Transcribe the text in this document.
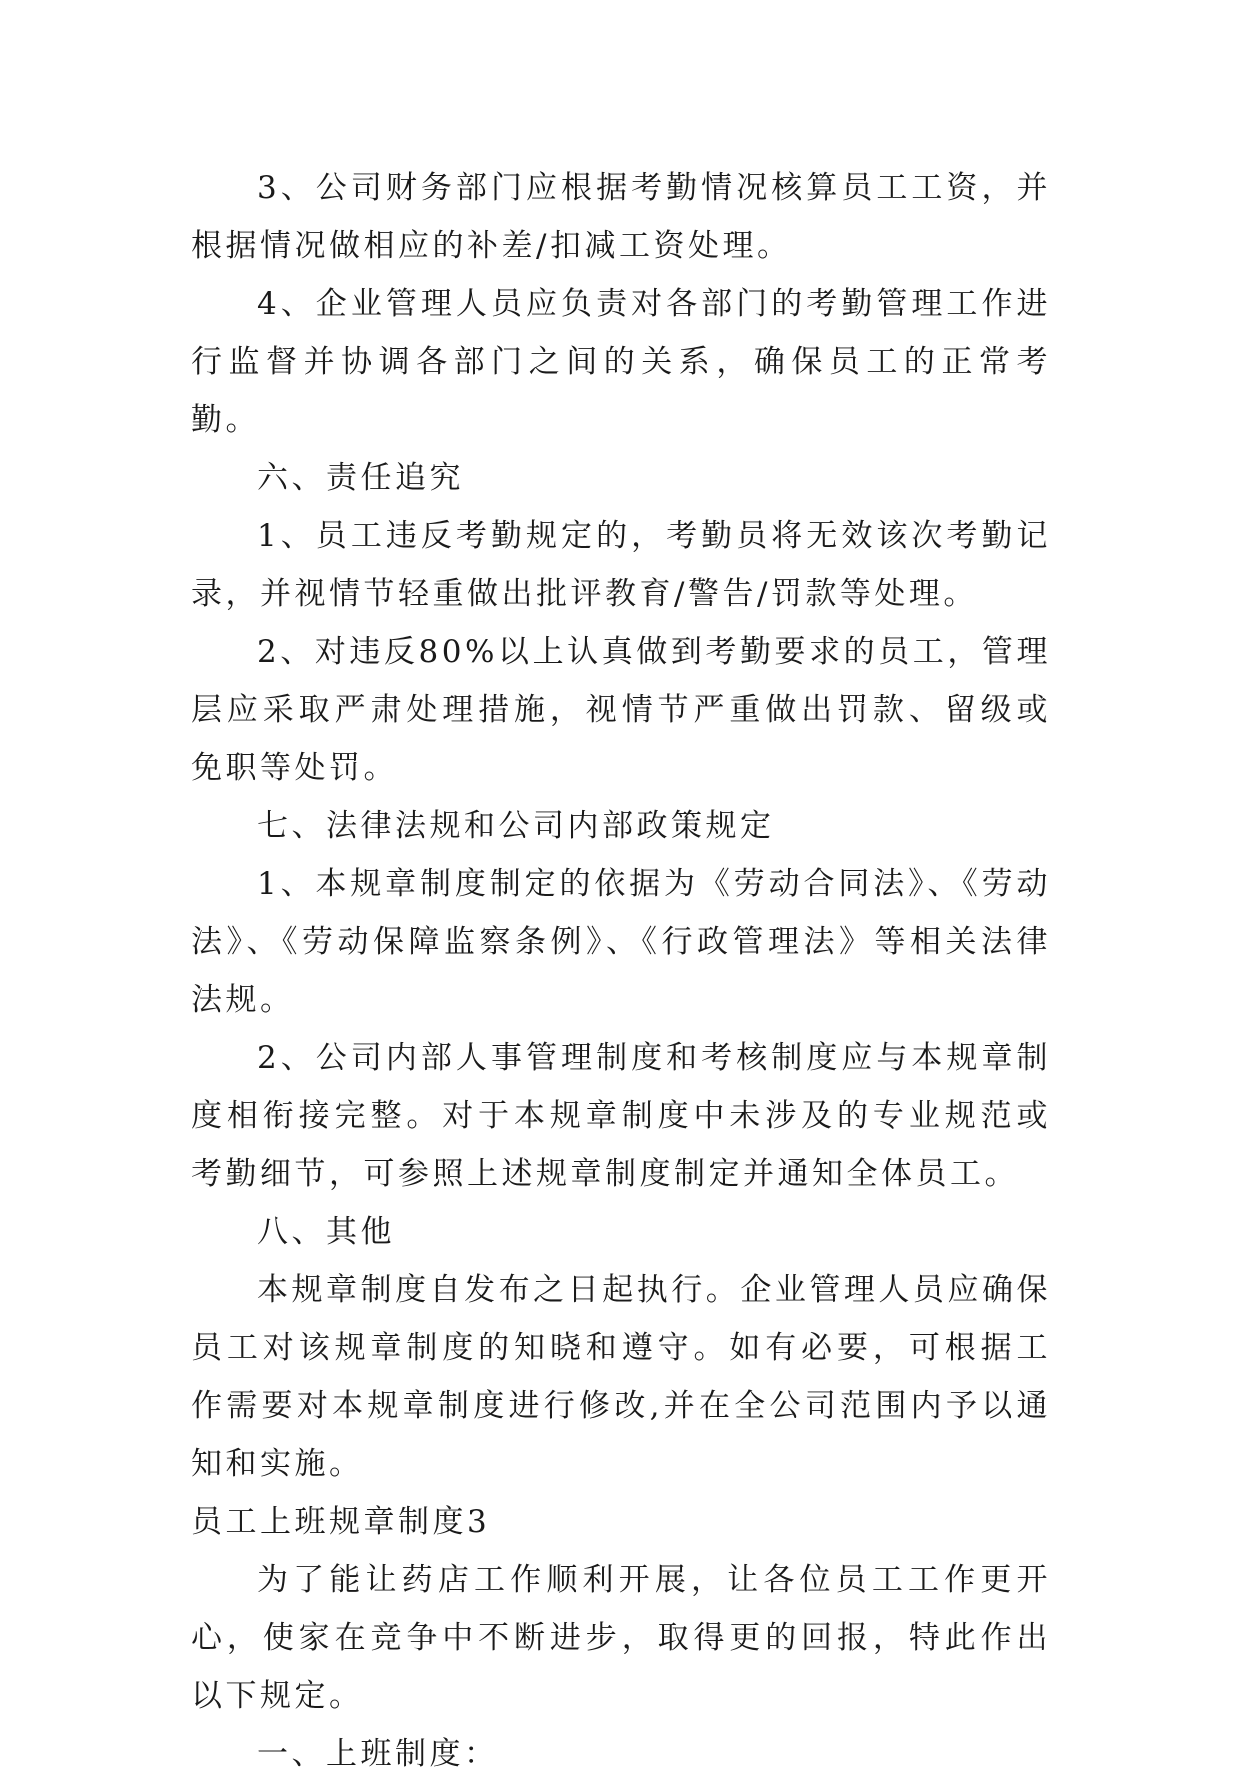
3、公司财务部门应根据考勤情况核算员工工资，并根据情况做相应的补差/扣减工资处理。

4、企业管理人员应负责对各部门的考勤管理工作进行监督并协调各部门之间的关系，确保员工的正常考勤。

六、责任追究

1、员工违反考勤规定的，考勤员将无效该次考勤记录，并视情节轻重做出批评教育/警告/罚款等处理。

2、对违反80%以上认真做到考勤要求的员工，管理层应采取严肃处理措施，视情节严重做出罚款、留级或免职等处罚。

七、法律法规和公司内部政策规定

1、本规章制度制定的依据为《劳动合同法》、《劳动法》、《劳动保障监察条例》、《行政管理法》等相关法律法规。

2、公司内部人事管理制度和考核制度应与本规章制度相衔接完整。对于本规章制度中未涉及的专业规范或考勤细节，可参照上述规章制度制定并通知全体员工。

八、其他

本规章制度自发布之日起执行。企业管理人员应确保员工对该规章制度的知晓和遵守。如有必要，可根据工作需要对本规章制度进行修改,并在全公司范围内予以通知和实施。

员工上班规章制度3

为了能让药店工作顺利开展，让各位员工工作更开心，使家在竞争中不断进步，取得更的回报，特此作出以下规定。

一、上班制度：
